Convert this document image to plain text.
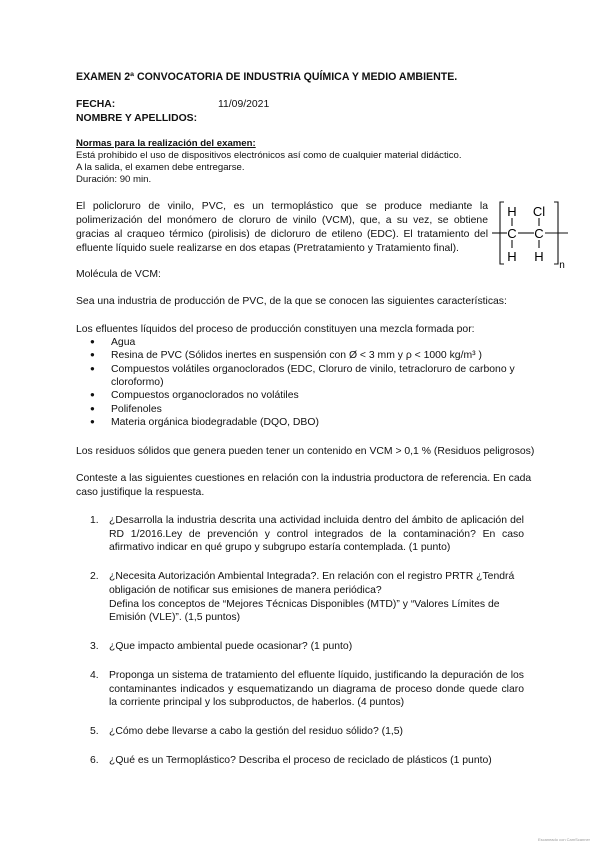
EXAMEN 2ª CONVOCATORIA DE INDUSTRIA QUÍMICA Y MEDIO AMBIENTE.
FECHA:	11/09/2021
NOMBRE Y APELLIDOS:
Normas para la realización del examen:
Está prohibido el uso de dispositivos electrónicos así como de cualquier material didáctico.
A la salida, el examen debe entregarse.
Duración: 90 min.
El policloruro de vinilo, PVC, es un termoplástico que se produce mediante la polimerización del monómero de cloruro de vinilo (VCM), que, a su vez, se obtiene gracias al craqueo térmico (pirolisis) de dicloruro de etileno (EDC). El tratamiento del efluente líquido suele realizarse en dos etapas (Pretratamiento y Tratamiento final).
H Cl
C C
H H
n
Molécula de VCM:
Sea una industria de producción de PVC, de la que se conocen las siguientes características:
Los efluentes líquidos del proceso de producción constituyen una mezcla formada por:
● Agua
● Resina de PVC (Sólidos inertes en suspensión con Ø < 3 mm y ρ < 1000 kg/m³ )
● Compuestos volátiles organoclorados (EDC, Cloruro de vinilo, tetracloruro de carbono y cloroformo)
● Compuestos organoclorados no volátiles
● Polifenoles
● Materia orgánica biodegradable (DQO, DBO)
Los residuos sólidos que genera pueden tener un contenido en VCM > 0,1 % (Residuos peligrosos)
Conteste a las siguientes cuestiones en relación con la industria productora de referencia. En cada caso justifique la respuesta.
1. ¿Desarrolla la industria descrita una actividad incluida dentro del ámbito de aplicación del RD 1/2016.Ley de prevención y control integrados de la contaminación? En caso afirmativo indicar en qué grupo y subgrupo estaría contemplada. (1 punto)
2. ¿Necesita Autorización Ambiental Integrada?. En relación con el registro PRTR ¿Tendrá obligación de notificar sus emisiones de manera periódica?
Defina los conceptos de “Mejores Técnicas Disponibles (MTD)” y “Valores Límites de Emisión (VLE)”. (1,5 puntos)
3. ¿Que impacto ambiental puede ocasionar? (1 punto)
4. Proponga un sistema de tratamiento del efluente líquido, justificando la depuración de los contaminantes indicados y esquematizando un diagrama de proceso donde quede claro la corriente principal y los subproductos, de haberlos. (4 puntos)
5. ¿Cómo debe llevarse a cabo la gestión del residuo sólido? (1,5)
6. ¿Qué es un Termoplástico? Describa el proceso de reciclado de plásticos (1 punto)
Escaneado con CamScanner
